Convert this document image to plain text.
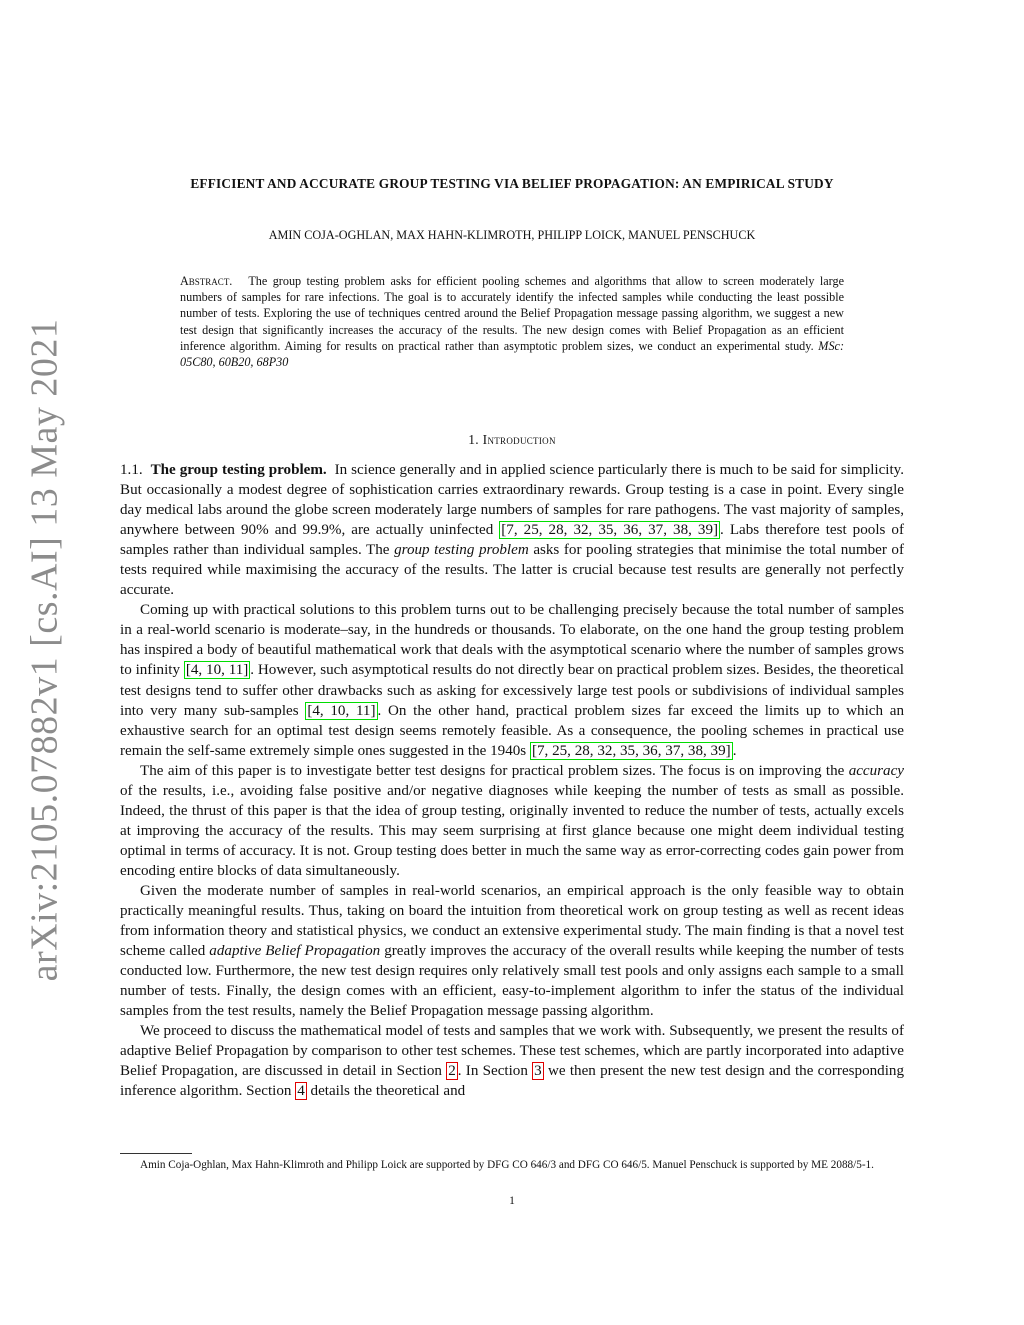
arXiv:2105.07882v1 [cs.AI] 13 May 2021
EFFICIENT AND ACCURATE GROUP TESTING VIA BELIEF PROPAGATION: AN EMPIRICAL STUDY
AMIN COJA-OGHLAN, MAX HAHN-KLIMROTH, PHILIPP LOICK, MANUEL PENSCHUCK
Abstract. The group testing problem asks for efficient pooling schemes and algorithms that allow to screen moderately large numbers of samples for rare infections. The goal is to accurately identify the infected samples while conducting the least possible number of tests. Exploring the use of techniques centred around the Belief Propagation message passing algorithm, we suggest a new test design that significantly increases the accuracy of the results. The new design comes with Belief Propagation as an efficient inference algorithm. Aiming for results on practical rather than asymptotic problem sizes, we conduct an experimental study. MSc: 05C80, 60B20, 68P30
1. Introduction

1.1. The group testing problem. In science generally and in applied science particularly there is much to be said for simplicity. But occasionally a modest degree of sophistication carries extraordinary rewards. Group testing is a case in point. Every single day medical labs around the globe screen moderately large numbers of samples for rare pathogens. The vast majority of samples, anywhere between 90% and 99.9%, are actually uninfected [7, 25, 28, 32, 35, 36, 37, 38, 39] . Labs therefore test pools of samples rather than individual samples. The group testing problem asks for pooling strategies that minimise the total number of tests required while maximising the accuracy of the results. The latter is crucial because test results are generally not perfectly accurate.

Coming up with practical solutions to this problem turns out to be challenging precisely because the total number of samples in a real-world scenario is moderate–say, in the hundreds or thousands. To elaborate, on the one hand the group testing problem has inspired a body of beautiful mathematical work that deals with the asymptotical scenario where the number of samples grows to infinity [4, 10, 11] . However, such asymptotical results do not directly bear on practical problem sizes. Besides, the theoretical test designs tend to suffer other drawbacks such as asking for excessively large test pools or subdivisions of individual samples into very many sub-samples [4, 10, 11] . On the other hand, practical problem sizes far exceed the limits up to which an exhaustive search for an optimal test design seems remotely feasible. As a consequence, the pooling schemes in practical use remain the self-same extremely simple ones suggested in the 1940s [7, 25, 28, 32, 35, 36, 37, 38, 39] .

The aim of this paper is to investigate better test designs for practical problem sizes. The focus is on improving the accuracy of the results, i.e., avoiding false positive and/or negative diagnoses while keeping the number of tests as small as possible. Indeed, the thrust of this paper is that the idea of group testing, originally invented to reduce the number of tests, actually excels at improving the accuracy of the results. This may seem surprising at first glance because one might deem individual testing optimal in terms of accuracy. It is not. Group testing does better in much the same way as error-correcting codes gain power from encoding entire blocks of data simultaneously.

Given the moderate number of samples in real-world scenarios, an empirical approach is the only feasible way to obtain practically meaningful results. Thus, taking on board the intuition from theoretical work on group testing as well as recent ideas from information theory and statistical physics, we conduct an extensive experimental study. The main finding is that a novel test scheme called adaptive Belief Propagation greatly improves the accuracy of the overall results while keeping the number of tests conducted low. Furthermore, the new test design requires only relatively small test pools and only assigns each sample to a small number of tests. Finally, the design comes with an efficient, easy-to-implement algorithm to infer the status of the individual samples from the test results, namely the Belief Propagation message passing algorithm.

We proceed to discuss the mathematical model of tests and samples that we work with. Subsequently, we present the results of adaptive Belief Propagation by comparison to other test schemes. These test schemes, which are partly incorporated into adaptive Belief Propagation, are discussed in detail in Section 2 . In Section 3 we then present the new test design and the corresponding inference algorithm. Section 4 details the theoretical and

Amin Coja-Oghlan, Max Hahn-Klimroth and Philipp Loick are supported by DFG CO 646/3 and DFG CO 646/5. Manuel Penschuck is supported by ME 2088/5-1.

1
